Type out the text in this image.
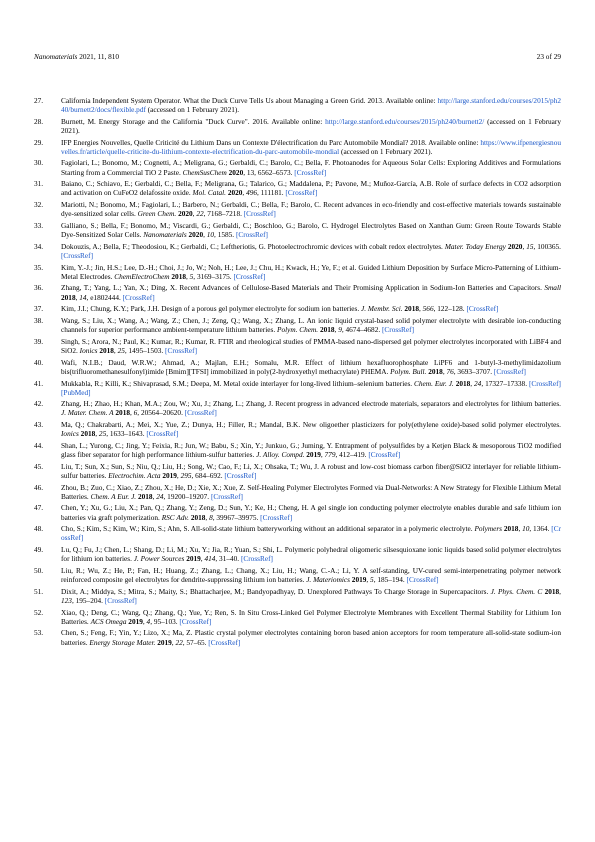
Nanomaterials 2021, 11, 810	23 of 29
27. California Independent System Operator. What the Duck Curve Tells Us about Managing a Green Grid. 2013. Available online: http://large.stanford.edu/courses/2015/ph240/burnett2/docs/flexible.pdf (accessed on 1 February 2021).
28. Burnett, M. Energy Storage and the California "Duck Curve". 2016. Available online: http://large.stanford.edu/courses/2015/ph240/burnett2/ (accessed on 1 February 2021).
29. IFP Energies Nouvelles, Quelle Criticité du Lithium Dans un Contexte D'électrification du Parc Automobile Mondial? 2018. Available online: https://www.ifpenergiesnouvelles.fr/article/quelle-criticite-du-lithium-contexte-electrification-du-parc-automobile-mondial (accessed on 1 February 2021).
30. Fagiolari, L.; Bonomo, M.; Cognetti, A.; Meligrana, G.; Gerbaldi, C.; Barolo, C.; Bella, F. Photoanodes for Aqueous Solar Cells: Exploring Additives and Formulations Starting from a Commercial TiO 2 Paste. ChemSusChem 2020, 13, 6562–6573. [CrossRef]
31. Baiano, C.; Schiavo, E.; Gerbaldi, C.; Bella, F.; Meligrana, G.; Talarico, G.; Maddalena, P.; Pavone, M.; Muñoz-García, A.B. Role of surface defects in CO2 adsorption and activation on CuFeO2 delafossite oxide. Mol. Catal. 2020, 496, 111181. [CrossRef]
32. Mariotti, N.; Bonomo, M.; Fagiolari, L.; Barbero, N.; Gerbaldi, C.; Bella, F.; Barolo, C. Recent advances in eco-friendly and cost-effective materials towards sustainable dye-sensitized solar cells. Green Chem. 2020, 22, 7168–7218. [CrossRef]
33. Galliano, S.; Bella, F.; Bonomo, M.; Viscardi, G.; Gerbaldi, C.; Boschloo, G.; Barolo, C. Hydrogel Electrolytes Based on Xanthan Gum: Green Route Towards Stable Dye-Sensitized Solar Cells. Nanomaterials 2020, 10, 1585. [CrossRef]
34. Dokouzis, A.; Bella, F.; Theodosiou, K.; Gerbaldi, C.; Leftheriotis, G. Photoelectrochromic devices with cobalt redox electrolytes. Mater. Today Energy 2020, 15, 100365. [CrossRef]
35. Kim, Y.-J.; Jin, H.S.; Lee, D.-H.; Choi, J.; Jo, W.; Noh, H.; Lee, J.; Chu, H.; Kwack, H.; Ye, F.; et al. Guided Lithium Deposition by Surface Micro-Patterning of Lithium-Metal Electrodes. ChemElectroChem 2018, 5, 3169–3175. [CrossRef]
36. Zhang, T.; Yang, L.; Yan, X.; Ding, X. Recent Advances of Cellulose-Based Materials and Their Promising Application in Sodium-Ion Batteries and Capacitors. Small 2018, 14, e1802444. [CrossRef]
37. Kim, J.I.; Chung, K.Y.; Park, J.H. Design of a porous gel polymer electrolyte for sodium ion batteries. J. Membr. Sci. 2018, 566, 122–128. [CrossRef]
38. Wang, S.; Liu, X.; Wang, A.; Wang, Z.; Chen, J.; Zeng, Q.; Wang, X.; Zhang, L. An ionic liquid crystal-based solid polymer electrolyte with desirable ion-conducting channels for superior performance ambient-temperature lithium batteries. Polym. Chem. 2018, 9, 4674–4682. [CrossRef]
39. Singh, S.; Arora, N.; Paul, K.; Kumar, R.; Kumar, R. FTIR and rheological studies of PMMA-based nano-dispersed gel polymer electrolytes incorporated with LiBF4 and SiO2. Ionics 2018, 25, 1495–1503. [CrossRef]
40. Wafi, N.I.B.; Daud, W.R.W.; Ahmad, A.; Majlan, E.H.; Somalu, M.R. Effect of lithium hexafluorophosphate LiPF6 and 1-butyl-3-methylimidazolium bis(trifluoromethanesulfonyl)imide [Bmim][TFSI] immobilized in poly(2-hydroxyethyl methacrylate) PHEMA. Polym. Bull. 2018, 76, 3693–3707. [CrossRef]
41. Mukkabla, R.; Killi, K.; Shivaprasad, S.M.; Deepa, M. Metal oxide interlayer for long-lived lithium–selenium batteries. Chem. Eur. J. 2018, 24, 17327–17338. [CrossRef] [PubMed]
42. Zhang, H.; Zhao, H.; Khan, M.A.; Zou, W.; Xu, J.; Zhang, L.; Zhang, J. Recent progress in advanced electrode materials, separators and electrolytes for lithium batteries. J. Mater. Chem. A 2018, 6, 20564–20620. [CrossRef]
43. Ma, Q.; Chakrabarti, A.; Mei, X.; Yue, Z.; Dunya, H.; Filler, R.; Mandal, B.K. New oligoether plasticizers for poly(ethylene oxide)-based solid polymer electrolytes. Ionics 2018, 25, 1633–1643. [CrossRef]
44. Shan, L.; Yurong, C.; Jing, Y.; Feixia, R.; Jun, W.; Babu, S.; Xin, Y.; Junkuo, G.; Juming, Y. Entrapment of polysulfides by a Ketjen Black & mesoporous TiO2 modified glass fiber separator for high performance lithium-sulfur batteries. J. Alloy. Compd. 2019, 779, 412–419. [CrossRef]
45. Liu, T.; Sun, X.; Sun, S.; Niu, Q.; Liu, H.; Song, W.; Cao, F.; Li, X.; Ohsaka, T.; Wu, J. A robust and low-cost biomass carbon fiber@SiO2 interlayer for reliable lithium-sulfur batteries. Electrochim. Acta 2019, 295, 684–692. [CrossRef]
46. Zhou, B.; Zuo, C.; Xiao, Z.; Zhou, X.; He, D.; Xie, X.; Xue, Z. Self-Healing Polymer Electrolytes Formed via Dual-Networks: A New Strategy for Flexible Lithium Metal Batteries. Chem. A Eur. J. 2018, 24, 19200–19207. [CrossRef]
47. Chen, Y.; Xu, G.; Liu, X.; Pan, Q.; Zhang, Y.; Zeng, D.; Sun, Y.; Ke, H.; Cheng, H. A gel single ion conducting polymer electrolyte enables durable and safe lithium ion batteries via graft polymerization. RSC Adv. 2018, 8, 39967–39975. [CrossRef]
48. Cho, S.; Kim, S.; Kim, W.; Kim, S.; Ahn, S. All-solid-state lithium batteryworking without an additional separator in a polymeric electrolyte. Polymers 2018, 10, 1364. [CrossRef]
49. Lu, Q.; Fu, J.; Chen, L.; Shang, D.; Li, M.; Xu, Y.; Jia, R.; Yuan, S.; Shi, L. Polymeric polyhedral oligomeric silsesquioxane ionic liquids based solid polymer electrolytes for lithium ion batteries. J. Power Sources 2019, 414, 31–40. [CrossRef]
50. Liu, R.; Wu, Z.; He, P.; Fan, H.; Huang, Z.; Zhang, L.; Chang, X.; Liu, H.; Wang, C.-A.; Li, Y. A self-standing, UV-cured semi-interpenetrating polymer network reinforced composite gel electrolytes for dendrite-suppressing lithium ion batteries. J. Materiomics 2019, 5, 185–194. [CrossRef]
51. Dixit, A.; Middya, S.; Mitra, S.; Maity, S.; Bhattacharjee, M.; Bandyopadhyay, D. Unexplored Pathways To Charge Storage in Supercapacitors. J. Phys. Chem. C 2018, 123, 195–204. [CrossRef]
52. Xiao, Q.; Deng, C.; Wang, Q.; Zhang, Q.; Yue, Y.; Ren, S. In Situ Cross-Linked Gel Polymer Electrolyte Membranes with Excellent Thermal Stability for Lithium Ion Batteries. ACS Omega 2019, 4, 95–103. [CrossRef]
53. Chen, S.; Feng, F.; Yin, Y.; Lizo, X.; Ma, Z. Plastic crystal polymer electrolytes containing boron based anion acceptors for room temperature all-solid-state sodium-ion batteries. Energy Storage Mater. 2019, 22, 57–65. [CrossRef]
